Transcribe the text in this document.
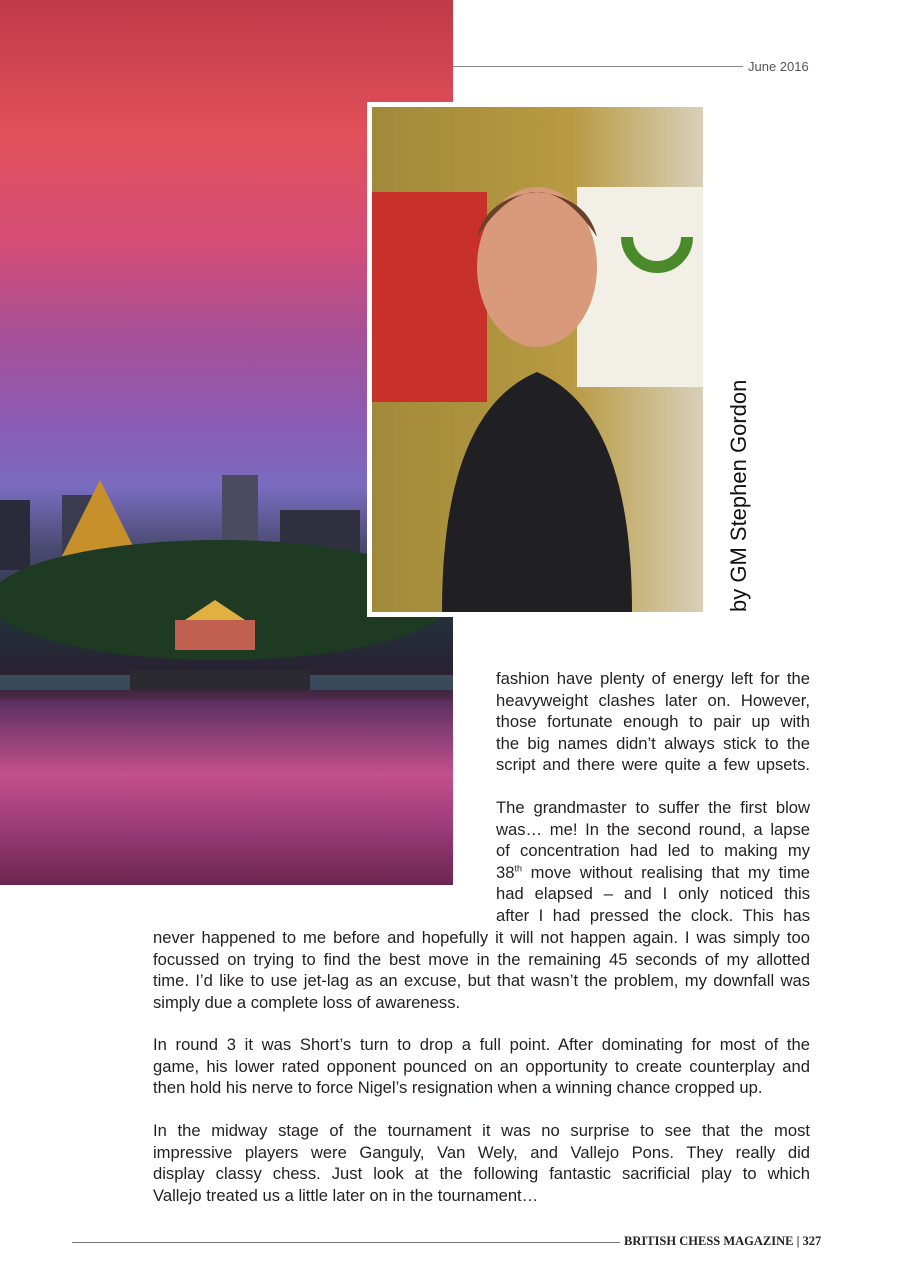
June 2016
by GM Stephen Gordon
fashion have plenty of energy left for the
heavyweight clashes later on. However,
those fortunate enough to pair up with
the big names didn’t always stick to the
script and there were quite a few upsets.
The grandmaster to suffer the first blow
was… me! In the second round, a lapse
of concentration had led to making my
38th move without realising that my time
had elapsed – and I only noticed this
after I had pressed the clock. This has
never happened to me before and hopefully it will not happen again. I was simply too
focussed on trying to find the best move in the remaining 45 seconds of my allotted
time. I’d like to use jet-lag as an excuse, but that wasn’t the problem, my downfall was
simply due a complete loss of awareness.
In round 3 it was Short’s turn to drop a full point. After dominating for most of the
game, his lower rated opponent pounced on an opportunity to create counterplay and
then hold his nerve to force Nigel’s resignation when a winning chance cropped up.
In the midway stage of the tournament it was no surprise to see that the most
impressive players were Ganguly, Van Wely, and Vallejo Pons. They really did
display classy chess. Just look at the following fantastic sacrificial play to which
Vallejo treated us a little later on in the tournament…
BRITISH CHESS MAGAZINE | 327
